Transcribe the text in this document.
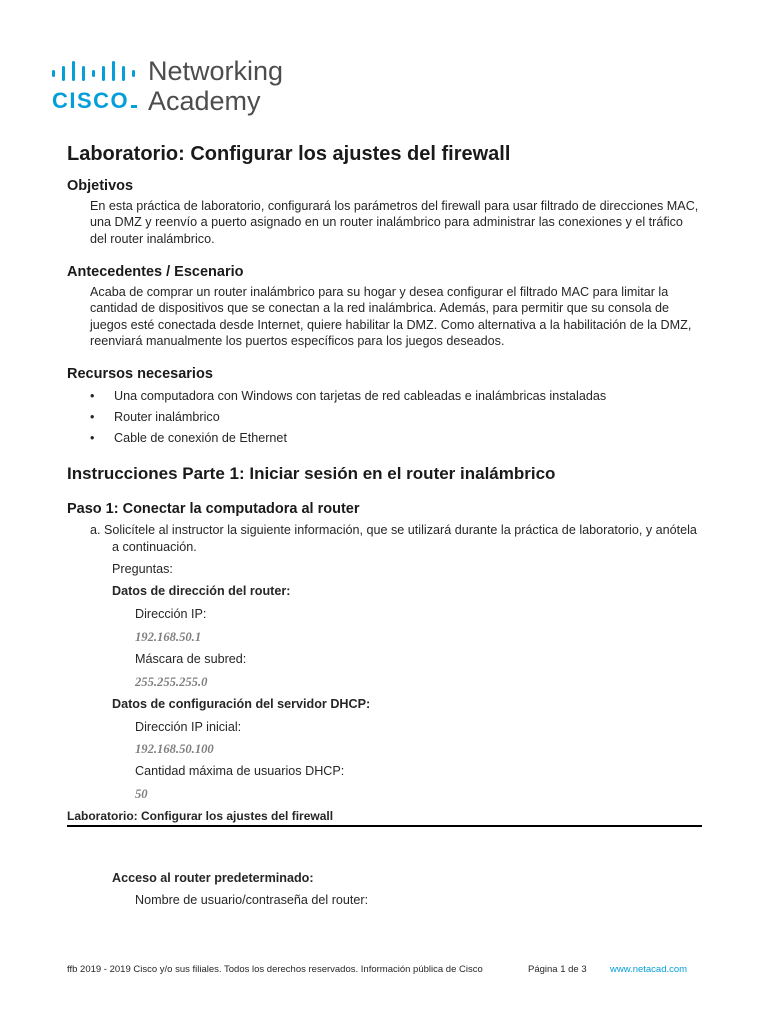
CISCO
Networking
Academy
Laboratorio: Configurar los ajustes del firewall
Objetivos
En esta práctica de laboratorio, configurará los parámetros del firewall para usar filtrado de direcciones MAC,
una DMZ y reenvío a puerto asignado en un router inalámbrico para administrar las conexiones y el tráfico
del router inalámbrico.
Antecedentes / Escenario
Acaba de comprar un router inalámbrico para su hogar y desea configurar el filtrado MAC para limitar la
cantidad de dispositivos que se conectan a la red inalámbrica. Además, para permitir que su consola de
juegos esté conectada desde Internet, quiere habilitar la DMZ. Como alternativa a la habilitación de la DMZ,
reenviará manualmente los puertos específicos para los juegos deseados.
Recursos necesarios
• Una computadora con Windows con tarjetas de red cableadas e inalámbricas instaladas
• Router inalámbrico
• Cable de conexión de Ethernet
Instrucciones Parte 1: Iniciar sesión en el router inalámbrico
Paso 1: Conectar la computadora al router
a. Solicítele al instructor la siguiente información, que se utilizará durante la práctica de laboratorio, y anótela
a continuación.
Preguntas:
Datos de dirección del router:
Dirección IP:
192.168.50.1
Máscara de subred:
255.255.255.0
Datos de configuración del servidor DHCP:
Dirección IP inicial:
192.168.50.100
Cantidad máxima de usuarios DHCP:
50
Laboratorio: Configurar los ajustes del firewall
Acceso al router predeterminado:
Nombre de usuario/contraseña del router:
ffb 2019 - 2019 Cisco y/o sus filiales. Todos los derechos reservados. Información pública de Cisco	Página 1 de 3 www.netacad.com
